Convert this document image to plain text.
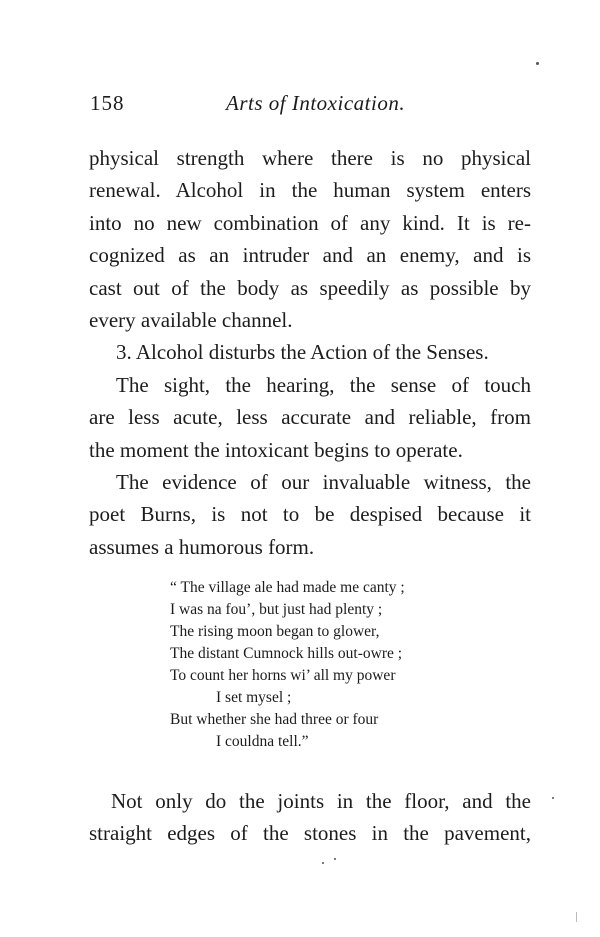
158	Arts of Intoxication.
physical strength where there is no physical
renewal. Alcohol in the human system enters
into no new combination of any kind. It is re-
cognized as an intruder and an enemy, and is
cast out of the body as speedily as possible by
every available channel.
3. Alcohol disturbs the Action of the Senses.
The sight, the hearing, the sense of touch
are less acute, less accurate and reliable, from
the moment the intoxicant begins to operate.
The evidence of our invaluable witness, the
poet Burns, is not to be despised because it
assumes a humorous form.
“ The village ale had made me canty ;
I was na fou’, but just had plenty ;
The rising moon began to glower,
The distant Cumnock hills out-owre ;
To count her horns wi’ all my power
I set mysel ;
But whether she had three or four
I couldna tell.”
Not only do the joints in the floor, and the
straight edges of the stones in the pavement,
